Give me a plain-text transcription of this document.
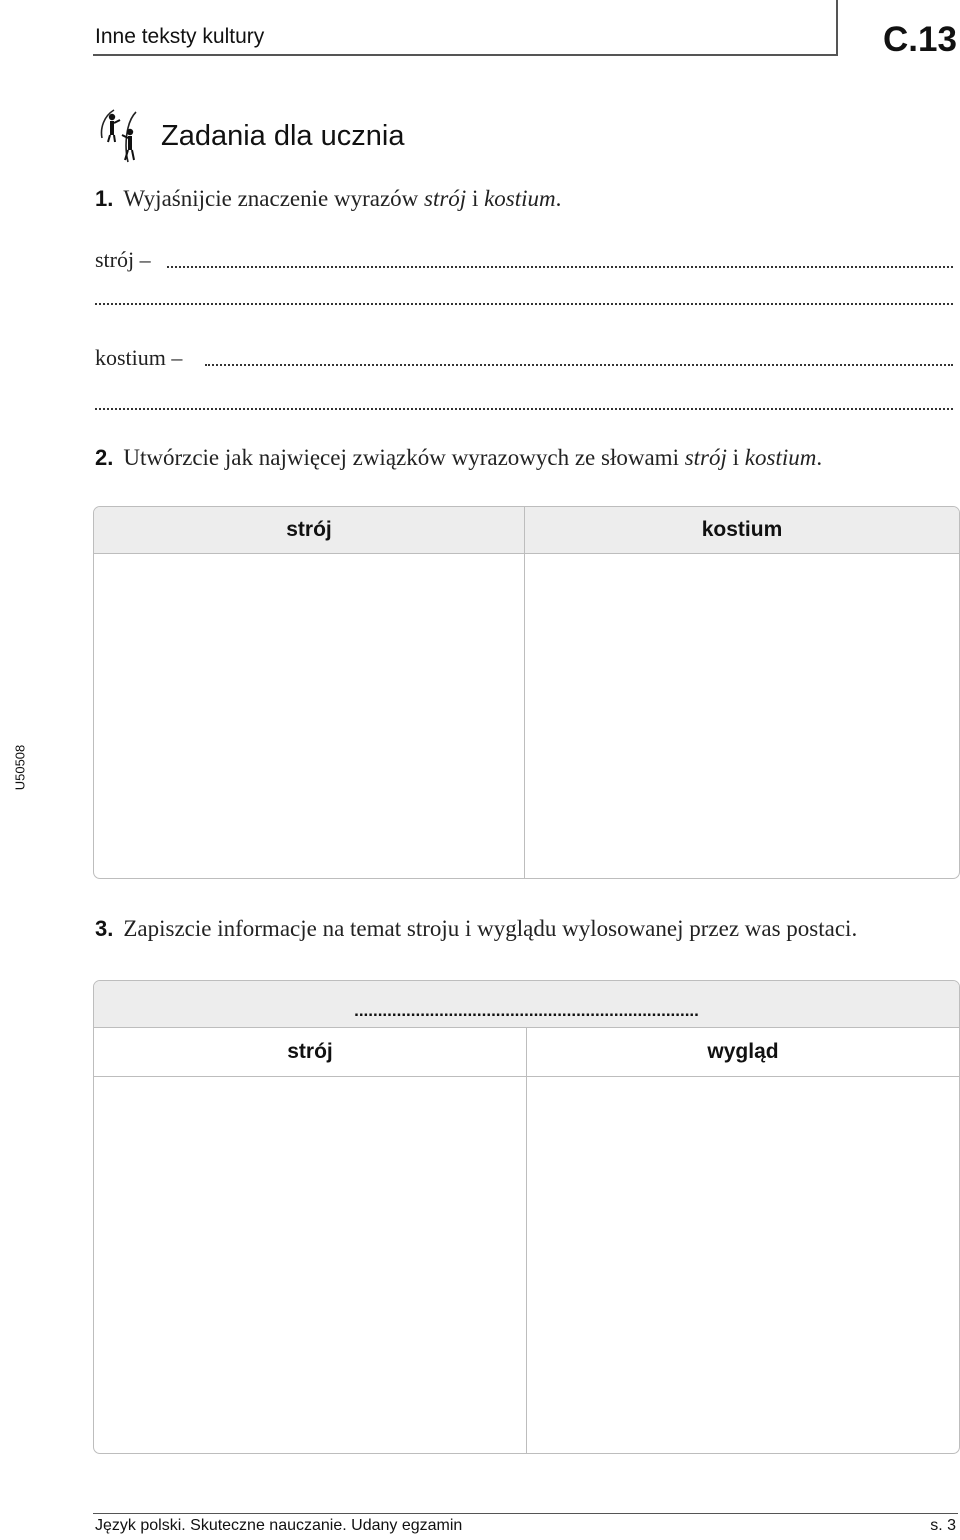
Inne teksty kultury	C.13
U50508
Zadania dla ucznia
1. Wyjaśnijcie znaczenie wyrazów strój i kostium.
strój –
kostium –
2. Utwórzcie jak najwięcej związków wyrazowych ze słowami strój i kostium.
strój	kostium
3. Zapiszcie informacje na temat stroju i wyglądu wylosowanej przez was postaci.
.........................................................................
strój	wygląd
Język polski. Skuteczne nauczanie. Udany egzamin	s. 3
